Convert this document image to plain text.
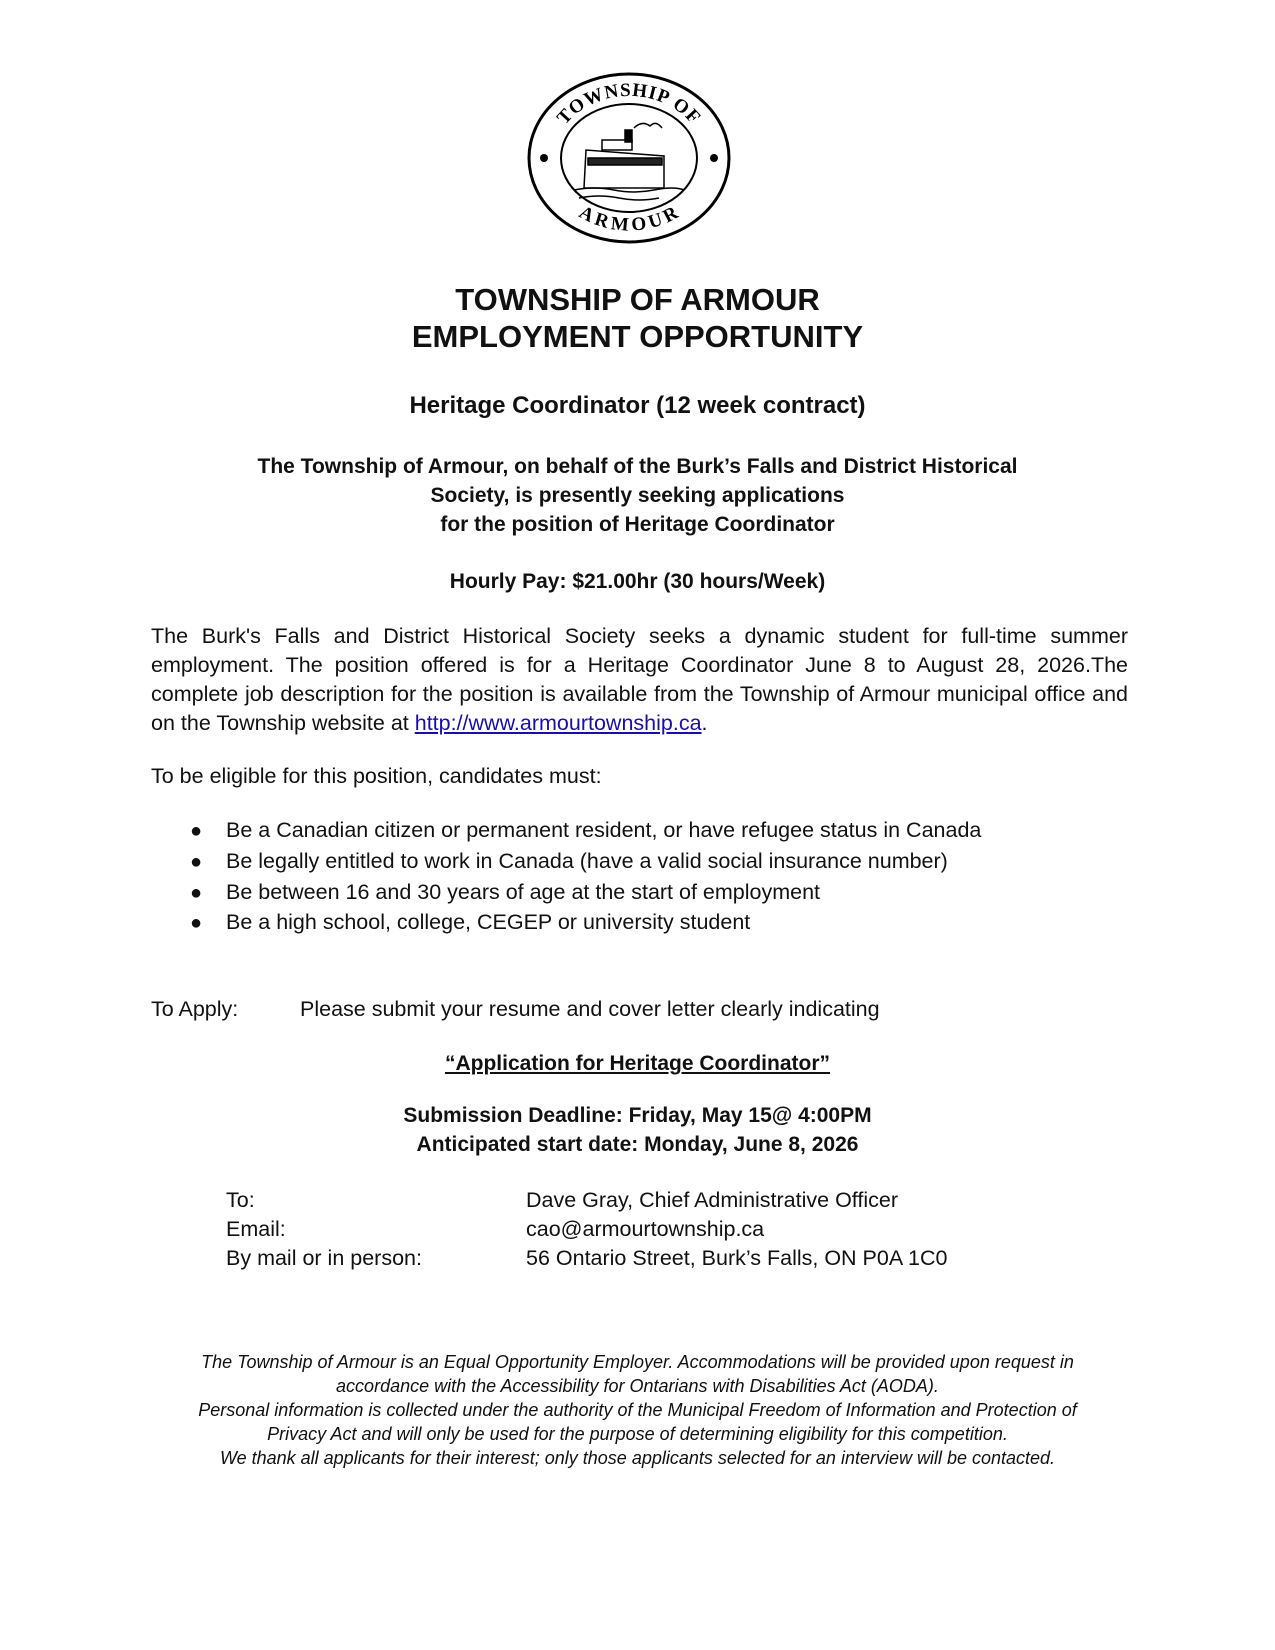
TOWNSHIP OF
ARMOUR
TOWNSHIP OF ARMOUR
EMPLOYMENT OPPORTUNITY
Heritage Coordinator (12 week contract)
The Township of Armour, on behalf of the Burk’s Falls and District Historical
Society, is presently seeking applications
for the position of Heritage Coordinator
Hourly Pay: $21.00hr (30 hours/Week)
The Burk's Falls and District Historical Society seeks a dynamic student for full-time summer employment. The position offered is for a Heritage Coordinator June 8 to August 28, 2026.The complete job description for the position is available from the Township of Armour municipal office and on the Township website at http://www.armourtownship.ca.
To be eligible for this position, candidates must:
● Be a Canadian citizen or permanent resident, or have refugee status in Canada
● Be legally entitled to work in Canada (have a valid social insurance number)
● Be between 16 and 30 years of age at the start of employment
● Be a high school, college, CEGEP or university student
To Apply:	Please submit your resume and cover letter clearly indicating
“Application for Heritage Coordinator”
Submission Deadline: Friday, May 15@ 4:00PM
Anticipated start date: Monday, June 8, 2026
To:	Dave Gray, Chief Administrative Officer
Email:	cao@armourtownship.ca
By mail or in person:	56 Ontario Street, Burk’s Falls, ON P0A 1C0
The Township of Armour is an Equal Opportunity Employer. Accommodations will be provided upon request in
accordance with the Accessibility for Ontarians with Disabilities Act (AODA).
Personal information is collected under the authority of the Municipal Freedom of Information and Protection of
Privacy Act and will only be used for the purpose of determining eligibility for this competition.
We thank all applicants for their interest; only those applicants selected for an interview will be contacted.
